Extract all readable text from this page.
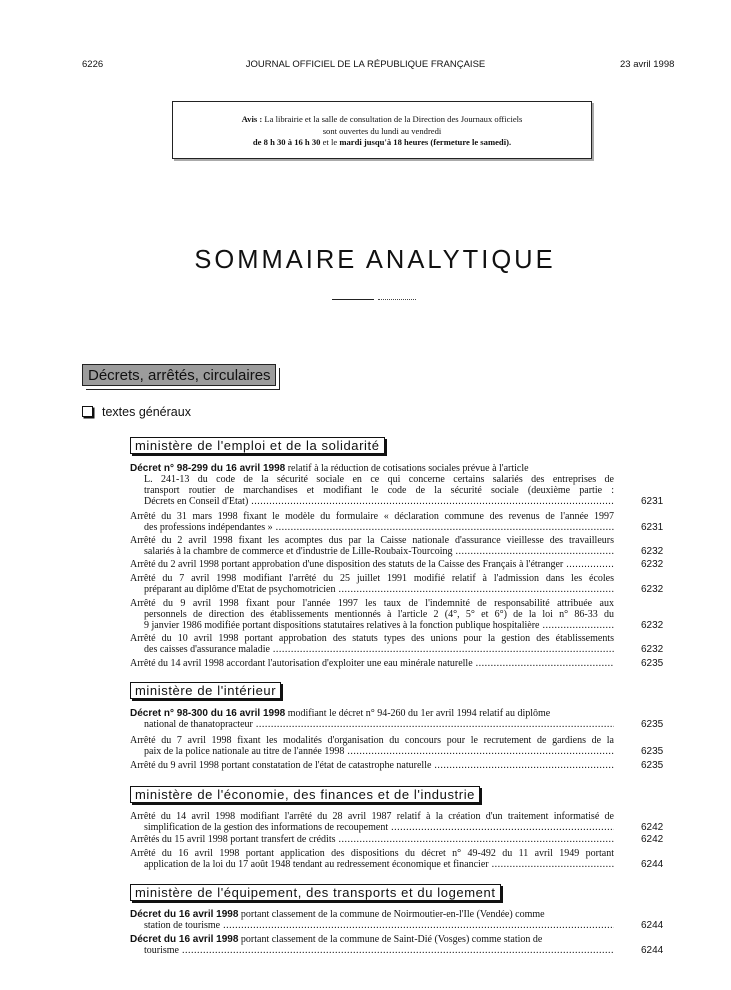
6226	JOURNAL OFFICIEL DE LA RÉPUBLIQUE FRANÇAISE	23 avril 1998
Avis : La librairie et la salle de consultation de la Direction des Journaux officiels
sont ouvertes du lundi au vendredi
de 8 h 30 à 16 h 30 et le mardi jusqu'à 18 heures (fermeture le samedi).
SOMMAIRE ANALYTIQUE
Décrets, arrêtés, circulaires
textes généraux
ministère de l'emploi et de la solidarité
Décret n° 98-299 du 16 avril 1998 relatif à la réduction de cotisations sociales prévue à l'article
L. 241-13 du code de la sécurité sociale en ce qui concerne certains salariés des entreprises de
transport routier de marchandises et modifiant le code de la sécurité sociale (deuxième partie :
Décrets en Conseil d'Etat) .....	6231
Arrêté du 31 mars 1998 fixant le modèle du formulaire « déclaration commune des revenus de l'année 1997
des professions indépendantes » .....	6231
Arrêté du 2 avril 1998 fixant les acomptes dus par la Caisse nationale d'assurance vieillesse des travailleurs
salariés à la chambre de commerce et d'industrie de Lille-Roubaix-Tourcoing .....	6232
Arrêté du 2 avril 1998 portant approbation d'une disposition des statuts de la Caisse des Français à l'étranger .....	6232
Arrêté du 7 avril 1998 modifiant l'arrêté du 25 juillet 1991 modifié relatif à l'admission dans les écoles
préparant au diplôme d'Etat de psychomotricien .....	6232
Arrêté du 9 avril 1998 fixant pour l'année 1997 les taux de l'indemnité de responsabilité attribuée aux
personnels de direction des établissements mentionnés à l'article 2 (4°, 5° et 6°) de la loi n° 86-33 du
9 janvier 1986 modifiée portant dispositions statutaires relatives à la fonction publique hospitalière .....	6232
Arrêté du 10 avril 1998 portant approbation des statuts types des unions pour la gestion des établissements
des caisses d'assurance maladie .....	6232
Arrêté du 14 avril 1998 accordant l'autorisation d'exploiter une eau minérale naturelle .....	6235
ministère de l'intérieur
Décret n° 98-300 du 16 avril 1998 modifiant le décret n° 94-260 du 1er avril 1994 relatif au diplôme
national de thanatopracteur .....	6235
Arrêté du 7 avril 1998 fixant les modalités d'organisation du concours pour le recrutement de gardiens de la
paix de la police nationale au titre de l'année 1998 .....	6235
Arrêté du 9 avril 1998 portant constatation de l'état de catastrophe naturelle .....	6235
ministère de l'économie, des finances et de l'industrie
Arrêté du 14 avril 1998 modifiant l'arrêté du 28 avril 1987 relatif à la création d'un traitement informatisé de
simplification de la gestion des informations de recoupement .....	6242
Arrêtés du 15 avril 1998 portant transfert de crédits .....	6242
Arrêté du 16 avril 1998 portant application des dispositions du décret n° 49-492 du 11 avril 1949 portant
application de la loi du 17 août 1948 tendant au redressement économique et financier .....	6244
ministère de l'équipement, des transports et du logement
Décret du 16 avril 1998 portant classement de la commune de Noirmoutier-en-l'Ile (Vendée) comme
station de tourisme .....	6244
Décret du 16 avril 1998 portant classement de la commune de Saint-Dié (Vosges) comme station de
tourisme .....	6244
